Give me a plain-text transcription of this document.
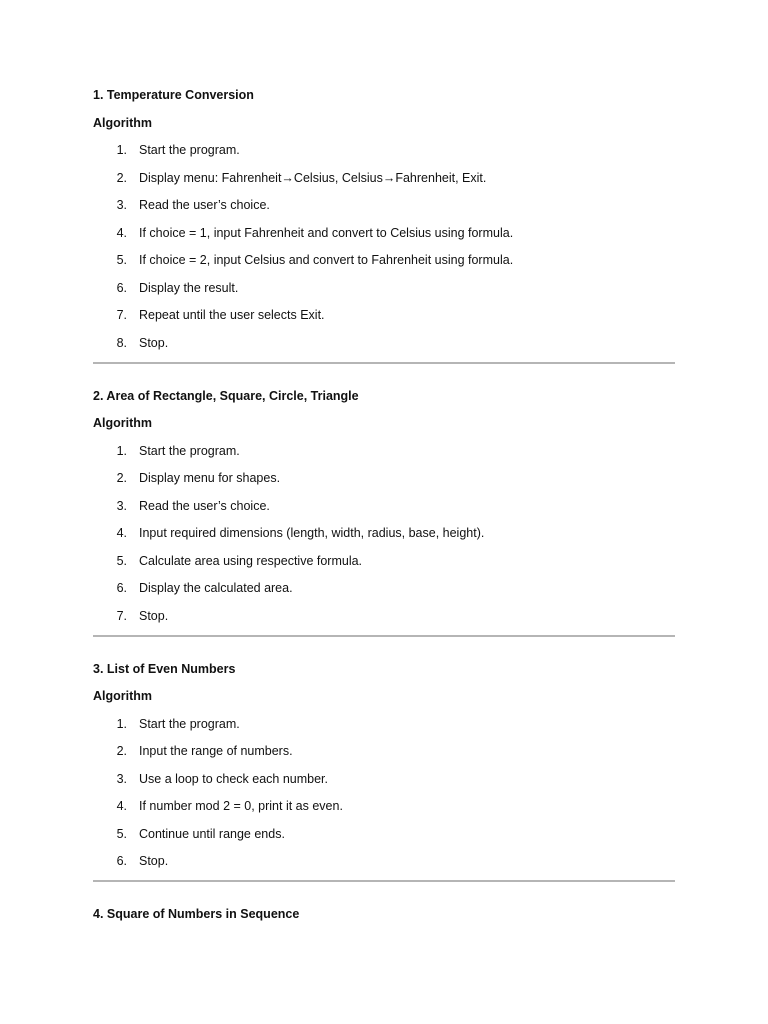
1. Temperature Conversion
Algorithm
1. Start the program.
2. Display menu: Fahrenheit→Celsius, Celsius→Fahrenheit, Exit.
3. Read the user’s choice.
4. If choice = 1, input Fahrenheit and convert to Celsius using formula.
5. If choice = 2, input Celsius and convert to Fahrenheit using formula.
6. Display the result.
7. Repeat until the user selects Exit.
8. Stop.
2. Area of Rectangle, Square, Circle, Triangle
Algorithm
1. Start the program.
2. Display menu for shapes.
3. Read the user’s choice.
4. Input required dimensions (length, width, radius, base, height).
5. Calculate area using respective formula.
6. Display the calculated area.
7. Stop.
3. List of Even Numbers
Algorithm
1. Start the program.
2. Input the range of numbers.
3. Use a loop to check each number.
4. If number mod 2 = 0, print it as even.
5. Continue until range ends.
6. Stop.
4. Square of Numbers in Sequence
